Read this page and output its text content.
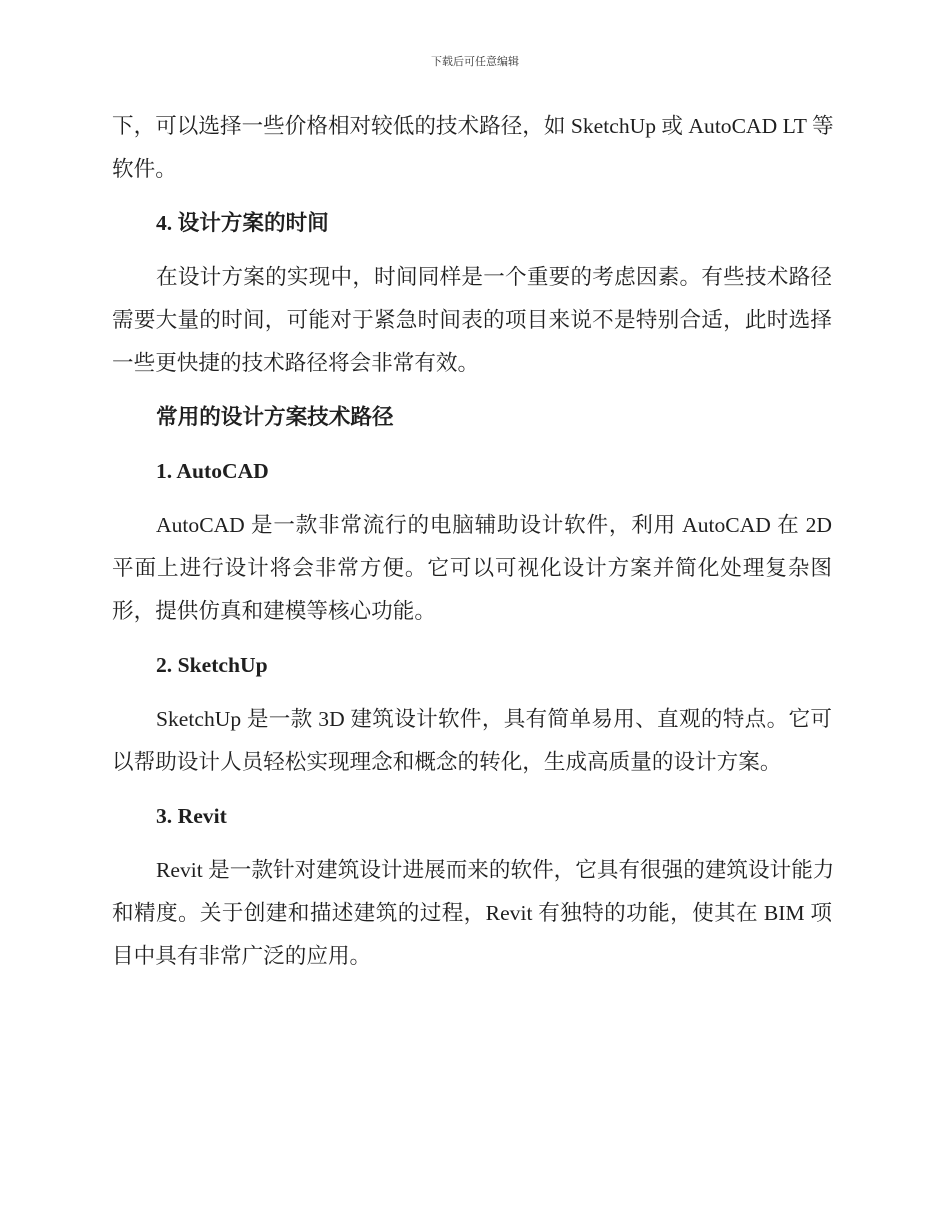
下载后可任意编辑
下，可以选择一些价格相对较低的技术路径，如 SketchUp 或 AutoCAD LT 等
软件。
4. 设计方案的时间
在设计方案的实现中，时间同样是一个重要的考虑因素。有些技术路径
需要大量的时间，可能对于紧急时间表的项目来说不是特别合适，此时选择
一些更快捷的技术路径将会非常有效。
常用的设计方案技术路径
1. AutoCAD
AutoCAD 是一款非常流行的电脑辅助设计软件，利用 AutoCAD 在 2D
平面上进行设计将会非常方便。它可以可视化设计方案并简化处理复杂图
形，提供仿真和建模等核心功能。
2. SketchUp
SketchUp 是一款 3D 建筑设计软件，具有简单易用、直观的特点。它可
以帮助设计人员轻松实现理念和概念的转化，生成高质量的设计方案。
3. Revit
Revit 是一款针对建筑设计进展而来的软件，它具有很强的建筑设计能力
和精度。关于创建和描述建筑的过程，Revit 有独特的功能，使其在 BIM 项
目中具有非常广泛的应用。
